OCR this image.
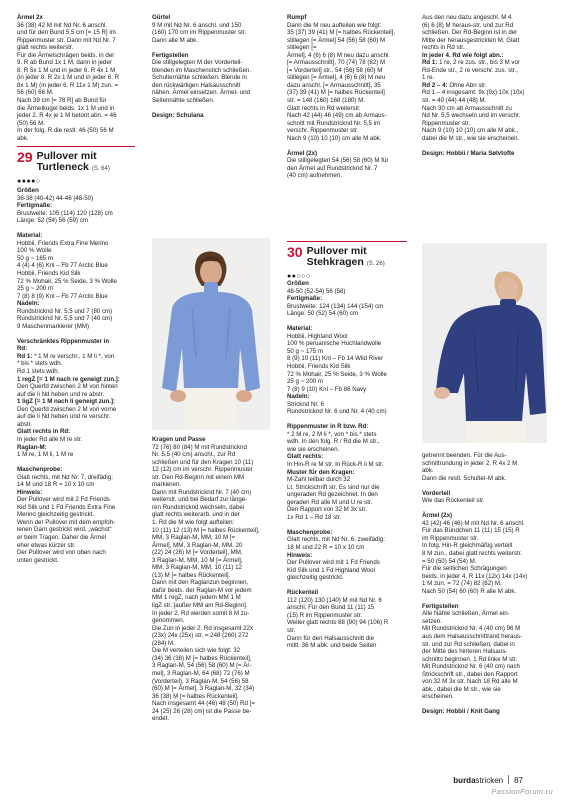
Ärmel 2x

36 (38) 42 M mit Nd Nr. 6 anschl.

und für den Bund 5,5 cm [= 15 R] im

Rippenmuster str. Dann mit Nd Nr. 7

glatt rechts weiterstr.

Für die Ärmelschrägen beids. in der

9. R ab Bund 1x 1 M, dann in jeder

8. R 5x 1 M und in jeder 6. R 4x 1 M

(in jeder 8. R 2x 1 M und in jeder 6. R

8x 1 M) (in jeder 6. R 11x 1 M) zun. =

56 (60) 66 M.

Nach 39 cm [= 78 R] ab Bund für

die Ärmelkugel beids. 1x 1 M und in

jeder 2. R 4x je 1 M betont abn. = 46

(50) 56 M.

In der folg. R die restl. 46 (50) 56 M

abk.

29 Pullover mit
Turtleneck (S. 64)
●●●●○

Größen

36-38 (40-42) 44-46 (48-50)

Fertigmaße:

Brustweite: 105 (114) 120 (128) cm

Länge: 52 (54) 56 (59) cm

Material:

Hobbii, Friends Extra Fine Merino

100 % Wolle

50 g ~ 165 m

4 (4) 4 (6) Knl – Fb 77 Arctic Blue

Hobbii, Friends Kid Silk

72 % Mohair, 25 % Seide, 3 % Wolle

25 g ~ 200 m

7 (8) 8 (9) Knl – Fb 77 Arctic Blue

Nadeln:

Rundstricknd Nr. 5,5 und 7 (80 cm)

Rundstricknd Nr. 5,5 und 7 (40 cm)

9 Maschenmarkierer (MM)

Verschränktes Rippenmuster in

Rd:

Rd 1: * 1 M re verschr., 1 M li *, von

* bis * stets wdh.

Rd 1 stets wdh.

1 regZ [= 1 M nach re geneigt zun.]:

Den Querfd zwischen 2 M von hinten

auf die li Nd heben und re abstr.

1 ligZ [= 1 M nach li geneigt zun.]:

Den Querfd zwischen 2 M von vorne

auf die li Nd heben und re verschr.

abstr.

Glatt rechts in Rd:

In jeder Rd alle M re str.

Raglan-M:

1 M re, 1 M li, 1 M re

Maschenprobe:

Glatt rechts, mit Nd Nr. 7, dreifädig:

14 M und 18 R = 10 x 10 cm

Hinweis:

Der Pullover wird mit 2 Fd Friends

Kid Silk und 1 Fd Friends Extra Fine

Merino gleichzeitig gestrickt.

Wenn der Pullover mit dem empfoh-

lenen Garn gestrickt wird, „wächst“

er beim Tragen. Daher die Ärmel

eher etwas kürzer str.

Der Pullover wird von oben nach

unten gestrickt.

Gürtel

9 M mit Nd Nr. 6 anschl. und 150

(160) 170 cm im Rippenmuster str.

Dann alle M abk.

Fertigstellen

Die stillgelegten M der Vorderteil-

blenden im Maschenstich schließen.

Schulternähte schließen. Blende in

den rückwärtigen Halsausschnitt

nähen. Ärmel einsetzen. Ärmel- und

Seitennähte schließen.

Design: Schulana

Kragen und Passe

72 (76) 80 (84) M mit Rundstricknd

Nr. 5,5 (40 cm) anschl., zur Rd

schließen und für den Kragen 10 (11)

12 (12) cm im verschr. Rippenmuster

str. Den Rd-Beginn mit einem MM

markieren.

Dann mit Rundstricknd Nr. 7 (40 cm)

weiterstr. und bei Bedarf zur länge-

ren Rundstricknd wechseln, dabei

glatt rechts weiterarb. und in der

1. Rd die M wie folgt aufteilen:

10 (11) 12 (13) M [= halbes Rückenteil],

MM, 3 Raglan-M, MM, 10 M [=

Ärmel], MM, 3 Raglan-M, MM, 20

(22) 24 (26) M [= Vorderteil], MM,

3 Raglan-M, MM, 10 M [= Ärmel],

MM, 3 Raglan-M, MM, 10 (11) 12

(13) M [= halbes Rückenteil].

Dann mit den Raglanzun beginnen,

dafür beids. der Raglan-M vor jedem

MM 1 regZ, nach jedem MM 1 M

ligZ str. [außer MM am Rd-Beginn].

In jeder 2. Rd werden somit 8 M zu-

genommen.

Die Zun in jeder 2. Rd insgesamt 22x

(23x) 24x (25x) str. = 248 (260) 272

(284) M.

Die M verteilen sich wie folgt: 32

(34) 36 (38) M [= halbes Rückenteil],

3 Raglan-M, 54 (56) 58 (60) M [= Är-

mel], 3 Raglan-M, 64 (68) 72 (76) M

(Vorderteil), 3 Raglan-M, 54 (56) 58

(60) M [= Ärmel], 3 Raglan-M, 32 (34)

36 (38) M [= halbes Rückenteil].

Nach insgesamt 44 (46) 48 (50) Rd [=

24 (25) 26 (28) cm] ist die Passe be-

endet.

Rumpf

Dann die M neu aufteilen wie folgt:

35 (37) 39 (41) M [= halbes Rückenteil],

stillegen [= Ärmel] 54 (56) 58 (60) M stillegen [=

Ärmel], 4 (6) 6 (8) M neu dazu anschl.

[= Armausschnitt], 70 (74) 78 (82) M

[= Vorderteil] str., 54 (56) 58 (60) M

stillegen [= Ärmel], 4 (6) 6 (8) M neu

dazu anschl. [= Armausschnitt], 35

(37) 39 (41) M [= halbes Rückenteil]

str. = 148 (160) 168 (180) M.

Glatt rechts in Rd weiterstr.

Nach 42 (44) 46 (49) cm ab Armaus-

schnitt mit Rundstricknd Nr. 5,5 im

verschr. Rippenmuster str.

Nach 9 (10) 10 (10) cm alle M abk.

Ärmel (2x)

Die stillgelegten 54 (56) 58 (60) M für

den Ärmel auf Rundstricknd Nr. 7

(40 cm) aufnehmen.

30 Pullover mit
Stehkragen (S. 26)
●●○○○

Größen

48-50 (52-54) 56 (58)

Fertigmaße:

Brustweite: 124 (134) 144 (154) cm

Länge: 50 (52) 54 (60) cm

Material:

Hobbii, Highland Wool

100 % peruanische Hochlandwolle

50 g ~ 175 m

8 (9) 10 (11) Knl – Fb 14 Wild River

Hobbii, Friends Kid Silk

72 % Mohair, 25 % Seide, 3 % Wolle

25 g ~ 200 m

7 (8) 9 (10) Knl – Fb 86 Navy

Nadeln:

Stricknd Nr. 6

Rundstricknd Nr. 6 und Nr. 4 (40 cm)

Rippenmuster in R bzw. Rd:

* 2 M re, 2 M li *, von * bis * stets

wdh. In den folg. R / Rd die M str.,

wie sie erscheinen.

Glatt rechts:

In Hin-R re M str. In Rück-R li M str.

Muster für den Kragen:

M-Zahl teilbar durch 32

Lt. Strickschrift str. Es sind nur die

ungeraden Rd gezeichnet. In den

geraden Rd alle M und U re str.

Den Rapport von 32 M 3x str.

1x Rd 1 – Rd 18 str.

Maschenprobe:

Glatt rechts, mit Nd Nr. 6, zweifädig:

18 M und 22 R = 10 x 10 cm

Hinweis:

Der Pullover wird mit 1 Fd Friends

Kid Silk und 1 Fd Highland Wool

gleichzeitig gestrickt.

Rückenteil

112 (120) 130 (140) M mit Nd Nr. 6

anschl. Für den Bund 11 (11) 15

(15) R im Rippenmuster str.

Weiter glatt rechts 88 (90) 94 (106) R

str.

Dann für den Halsausschnitt die

mittl. 36 M abk. und beide Seiten

Aus den neu dazu angeschl. M 4

(6) 6 (8) M heraus-str. und zur Rd

schließen. Der Rd-Beginn ist in der

Mitte der herausgestrickten M. Glatt

rechts in Rd str.

In jeder 4. Rd wie folgt abn.:

Rd 1: 1 re, 2 re zus. str., bis 3 M vor

Rd-Ende str., 2 re verschr. zus. str.,

1 re.

Rd 2 – 4: Ohne Abn str.

Rd 1 – 4 insgesamt: 9x (9x) 10x (10x)

str. = 40 (44) 44 (48) M.

Nach 30 cm ab Armausschnitt zu

Nd Nr. 5,5 wechseln und im verschr.

Rippenmuster str.

Nach 9 (10) 10 (10) cm alle M abk.,

dabei die M str., wie sie erscheinen.

Design: Hobbii / Maria Sølvtofte

getrennt beenden. Für die Aus-

schnittrundung in jeder 2. R 4x 2 M

abk.

Dann die restl. Schulter-M abk.

Vorderteil

Wie das Rückenteil str.

Ärmel (2x)

42 (42) 46 (46) M mit Nd Nr. 6 anschl.

Für das Bündchen 11 (11) 15 (15) R

im Rippenmuster str.

In folg. Hin-R gleichmäßig verteilt

8 M zun., dabei glatt rechts weiterstr.

= 50 (50) 54 (54) M.

Für die seitlichen Schrägungen

beids. in jeder 4. R 11x (12x) 14x (14x)

1 M zun. = 72 (74) 82 (82) M.

Nach 50 (54) 60 (60) R alle M abk.

Fertigstellen

Alle Nähte schließen, Ärmel ein-

setzen.

Mit Rundstricknd Nr. 4 (40 cm) 96 M

aus dem Halsausschnittrand heraus-

str. und zur Rd schließen, dabei in

der Mitte des hinteren Halsaus-

schnitts beginnen. 1 Rd linke M str.

Mit Rundstricknd Nr. 6 (40 cm) nach

Strickschrift str., dabei den Rapport

von 32 M 3x str. Nach 18 Rd alle M

abk., dabei die M str., wie sie

erscheinen.

Design: Hobbii / Knit Gang

burdastricken 87
PassionForum.ru
